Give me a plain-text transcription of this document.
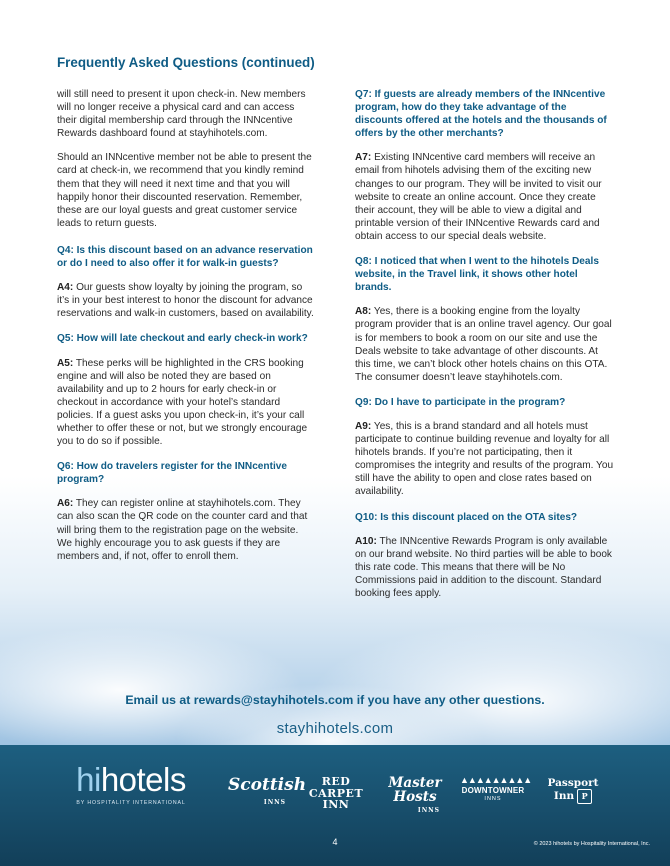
Frequently Asked Questions (continued)

will still need to present it upon check-in. New members will no longer receive a physical card and can access their digital membership card through the INNcentive Rewards dashboard found at stayhihotels.com.

Should an INNcentive member not be able to present the card at check-in, we recommend that you kindly remind them that they will need it next time and that you will happily honor their discounted reservation. Remember, these are our loyal guests and great customer service leads to return guests.

Q4: Is this discount based on an advance reservation or do I need to also offer it for walk-in guests?

A4: Our guests show loyalty by joining the program, so it’s in your best interest to honor the discount for advance reservations and walk-in customers, based on availability.

Q5: How will late checkout and early check-in work?

A5: These perks will be highlighted in the CRS booking engine and will also be noted they are based on availability and up to 2 hours for early check-in or checkout in accordance with your hotel’s standard policies. If a guest asks you upon check-in, it’s your call whether to offer these or not, but we strongly encourage you to do so if possible.

Q6: How do travelers register for the INNcentive program?

A6: They can register online at stayhihotels.com. They can also scan the QR code on the counter card and that will bring them to the registration page on the website. We highly encourage you to ask guests if they are members and, if not, offer to enroll them.

Q7: If guests are already members of the INNcentive program, how do they take advantage of the discounts offered at the hotels and the thousands of offers by the other merchants?

A7: Existing INNcentive card members will receive an email from hihotels advising them of the exciting new changes to our program. They will be invited to visit our website to create an online account. Once they create their account, they will be able to view a digital and printable version of their INNcentive Rewards card and obtain access to our special deals website.

Q8: I noticed that when I went to the hihotels Deals website, in the Travel link, it shows other hotel brands.

A8: Yes, there is a booking engine from the loyalty program provider that is an online travel agency. Our goal is for members to book a room on our site and use the Deals website to take advantage of other discounts. At this time, we can’t block other hotels chains on this OTA. The consumer doesn’t leave stayhihotels.com.

Q9: Do I have to participate in the program?

A9: Yes, this is a brand standard and all hotels must participate to continue building revenue and loyalty for all hihotels brands. If you’re not participating, then it compromises the integrity and results of the program. You still have the ability to open and close rates based on availability.

Q10: Is this discount placed on the OTA sites?

A10: The INNcentive Rewards Program is only available on our brand website. No third parties will be able to book this rate code. This means that there will be No Commissions paid in addition to the discount. Standard booking fees apply.

Email us at rewards@stayhihotels.com if you have any other questions.
stayhihotels.com
hihotels
BY HOSPITALITY INTERNATIONAL
Scottish
INNS
RED
CARPET
INN
Master
Hosts
INNS
▲▲▲▲▲▲▲▲▲
DOWNTOWNER
INNS
Passport
Inn P
4	© 2023 hihotels by Hospitality International, Inc.
